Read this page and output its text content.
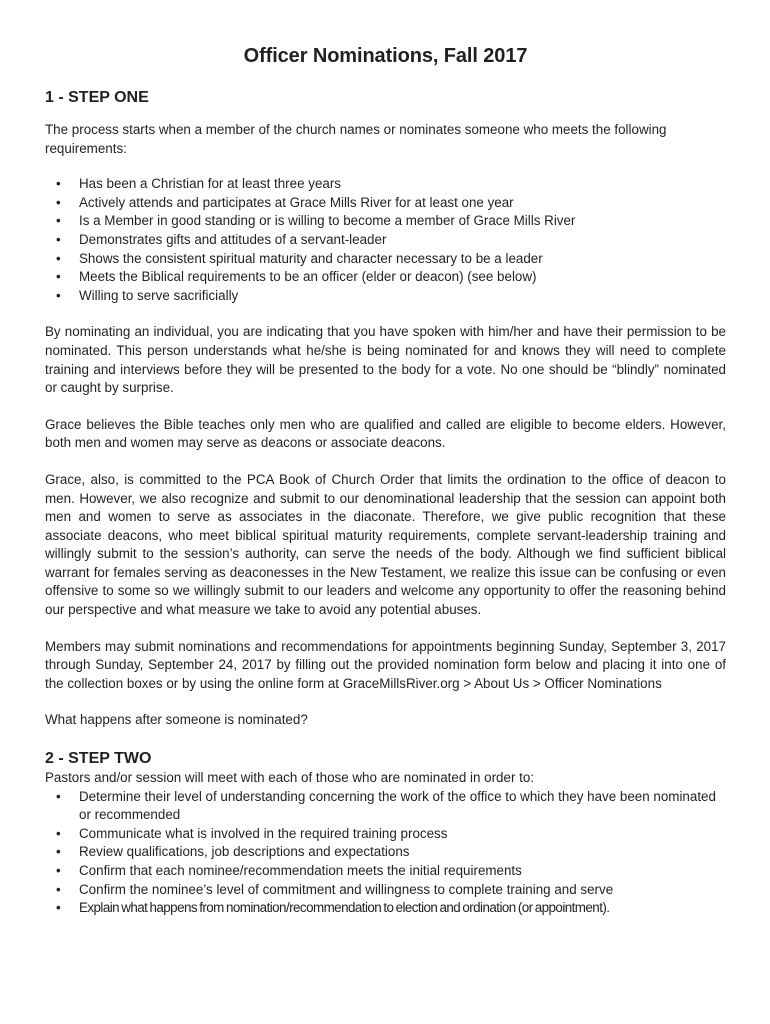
Officer Nominations, Fall 2017
1 - STEP ONE

The process starts when a member of the church names or nominates someone who meets the following requirements:

• Has been a Christian for at least three years
• Actively attends and participates at Grace Mills River for at least one year
• Is a Member in good standing or is willing to become a member of Grace Mills River
• Demonstrates gifts and attitudes of a servant-leader
• Shows the consistent spiritual maturity and character necessary to be a leader
• Meets the Biblical requirements to be an officer (elder or deacon) (see below)
• Willing to serve sacrificially

By nominating an individual, you are indicating that you have spoken with him/her and have their permission to be nominated. This person understands what he/she is being nominated for and knows they will need to complete training and interviews before they will be presented to the body for a vote. No one should be “blindly” nominated or caught by surprise.

Grace believes the Bible teaches only men who are qualified and called are eligible to become elders. However, both men and women may serve as deacons or associate deacons.

Grace, also, is committed to the PCA Book of Church Order that limits the ordination to the office of deacon to men. However, we also recognize and submit to our denominational leadership that the session can appoint both men and women to serve as associates in the diaconate. Therefore, we give public recognition that these associate deacons, who meet biblical spiritual maturity requirements, complete servant-leadership training and willingly submit to the session’s authority, can serve the needs of the body. Although we find sufficient biblical warrant for females serving as deaconesses in the New Testament, we realize this issue can be confusing or even offensive to some so we willingly submit to our leaders and welcome any opportunity to offer the reasoning behind our perspective and what measure we take to avoid any potential abuses.

Members may submit nominations and recommendations for appointments beginning Sunday, September 3, 2017 through Sunday, September 24, 2017 by filling out the provided nomination form below and placing it into one of the collection boxes or by using the online form at GraceMillsRiver.org > About Us > Officer Nominations

What happens after someone is nominated?

2 - STEP TWO

Pastors and/or session will meet with each of those who are nominated in order to:

• Determine their level of understanding concerning the work of the office to which they have been nominated or recommended
• Communicate what is involved in the required training process
• Review qualifications, job descriptions and expectations
• Confirm that each nominee/recommendation meets the initial requirements
• Confirm the nominee’s level of commitment and willingness to complete training and serve
• Explain what happens from nomination/recommendation to election and ordination (or appointment).
